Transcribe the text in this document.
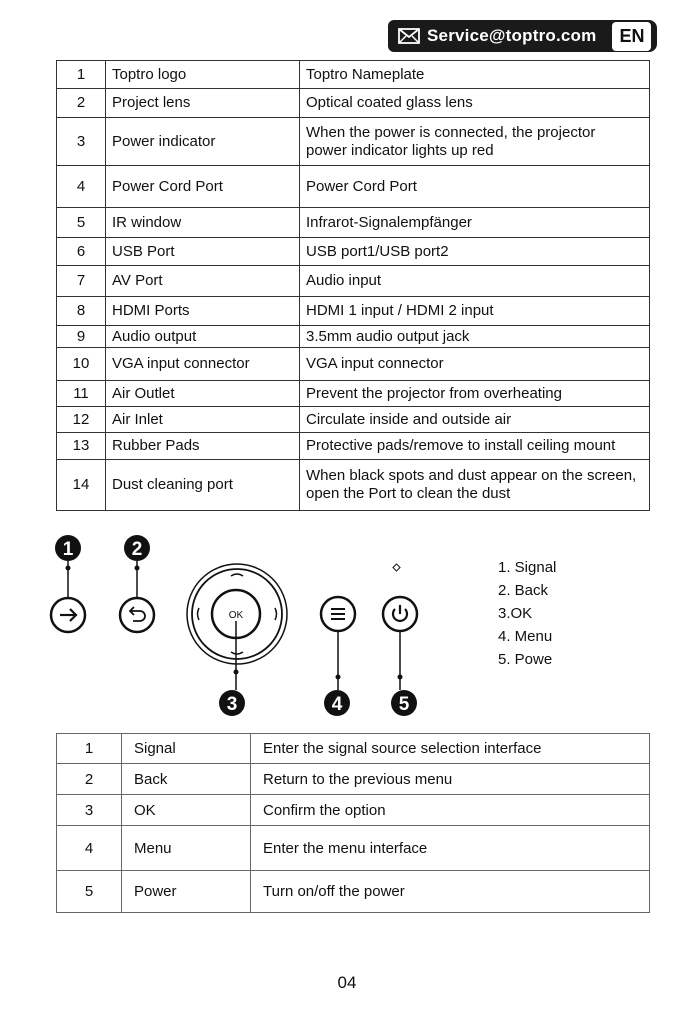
Service@toptro.com	EN
1	Toptro logo	Toptro Nameplate
2	Project lens	Optical coated glass lens
3	Power indicator	When the power is connected, the projector power indicator lights up red
4	Power Cord Port	Power Cord Port
5	IR window	Infrarot-Signalempfänger
6	USB Port	USB port1/USB port2
7	AV Port	Audio input
8	HDMI Ports	HDMI 1 input / HDMI 2 input
9	Audio output	3.5mm audio output jack
10	VGA input connector	VGA input connector
11	Air Outlet	Prevent the projector from overheating
12	Air Inlet	Circulate inside and outside air
13	Rubber Pads	Protective pads/remove to install ceiling mount
14	Dust cleaning port	When black spots and dust appear on the screen, open the Port to clean the dust
1	2
OK
3	4	5
1. Signal
2. Back
3.OK
4. Menu
5. Powe
1	Signal	Enter the signal source selection interface
2	Back	Return to the previous menu
3	OK	Confirm the option
4	Menu	Enter the menu interface
5	Power	Turn on/off the power
04
